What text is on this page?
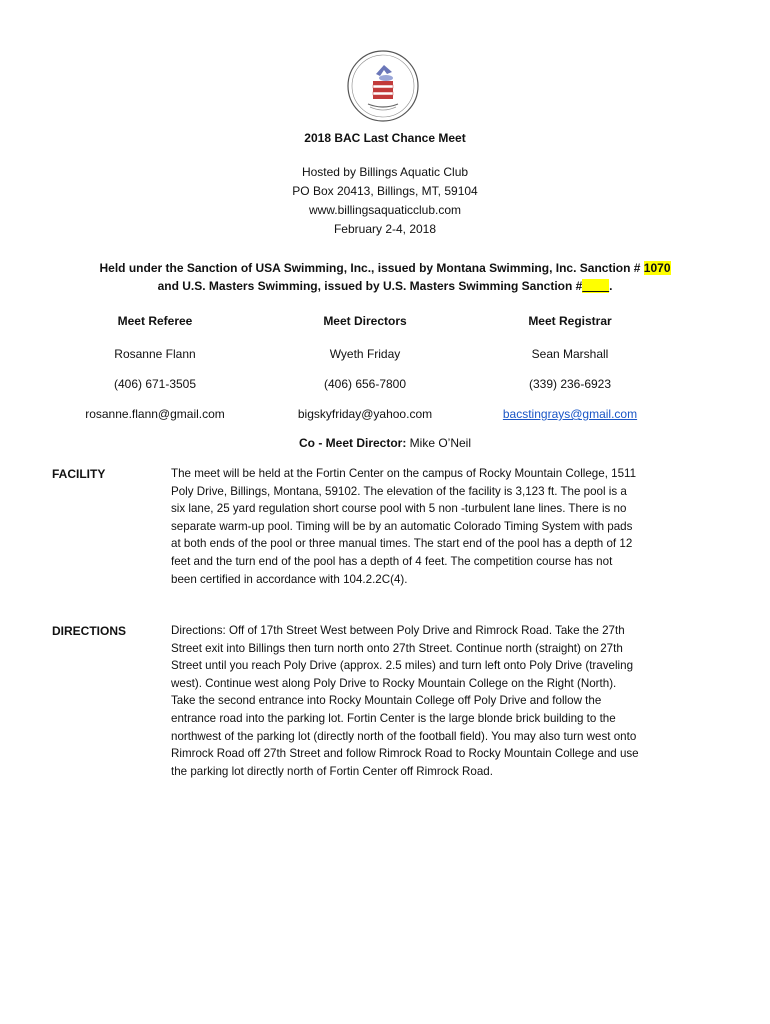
2018 BAC Last Chance Meet
Hosted by Billings Aquatic Club
PO Box 20413, Billings, MT, 59104
www.billingsaquaticclub.com
February 2-4, 2018
Held under the Sanction of USA Swimming, Inc., issued by Montana Swimming, Inc. Sanction # 1070
and U.S. Masters Swimming, issued by U.S. Masters Swimming Sanction #____.
Meet Referee	Meet Directors	Meet Registrar
Rosanne Flann	Wyeth Friday	Sean Marshall
(406) 671-3505	(406) 656-7800	(339) 236-6923
rosanne.flann@gmail.com	bigskyfriday@yahoo.com	bacstingrays@gmail.com
Co - Meet Director: Mike O’Neil
FACILITY	The meet will be held at the Fortin Center on the campus of Rocky Mountain College, 1511 Poly Drive, Billings, Montana, 59102. The elevation of the facility is 3,123 ft. The pool is a six lane, 25 yard regulation short course pool with 5 non -turbulent lane lines. There is no separate warm-up pool. Timing will be by an automatic Colorado Timing System with pads at both ends of the pool or three manual times. The start end of the pool has a depth of 12 feet and the turn end of the pool has a depth of 4 feet. The competition course has not been certified in accordance with 104.2.2C(4).
DIRECTIONS	Directions: Off of 17th Street West between Poly Drive and Rimrock Road. Take the 27th Street exit into Billings then turn north onto 27th Street. Continue north (straight) on 27th Street until you reach Poly Drive (approx. 2.5 miles) and turn left onto Poly Drive (traveling west). Continue west along Poly Drive to Rocky Mountain College on the Right (North). Take the second entrance into Rocky Mountain College off Poly Drive and follow the entrance road into the parking lot. Fortin Center is the large blonde brick building to the northwest of the parking lot (directly north of the football field). You may also turn west onto Rimrock Road off 27th Street and follow Rimrock Road to Rocky Mountain College and use the parking lot directly north of Fortin Center off Rimrock Road.
